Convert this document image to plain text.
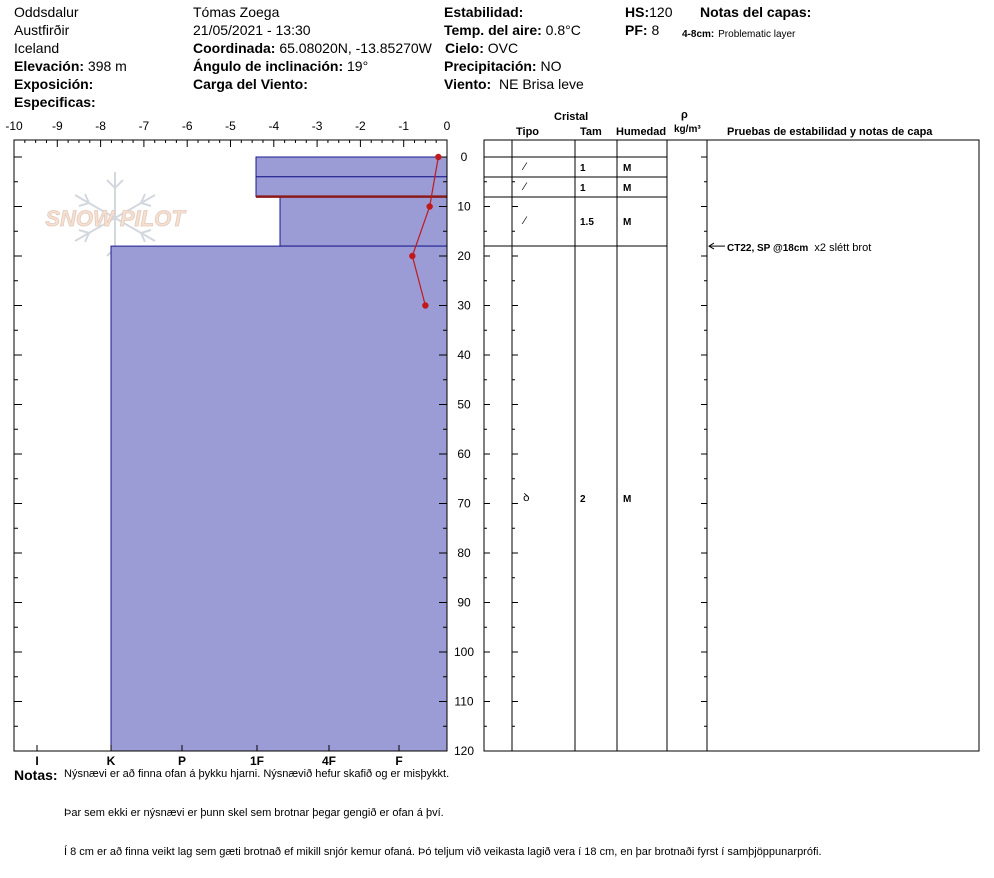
Oddsdalur
Austfirðir
Iceland
Elevación: 398 m
Exposición:
Especificas:
Tómas Zoega
21/05/2021 - 13:30
Coordinada: 65.08020N, -13.85270W
Ángulo de inclinación: 19°
Carga del Viento:
Estabilidad:
Temp. del aire: 0.8°C
Cielo: OVC
Precipitación: NO
Viento: NE Brisa leve
HS:120
PF: 8
Notas del capas:
4-8cm: Problematic layer
SNOW PILOT
-10 -9	-8	-7	-6	-5	-4	-3	-2	-1	0
0
10
20
30
40
50
60
70
80
90
100
110
120
I	K	P	1F	4F	F
Cristal
Tipo	Tam Humedad
ρ
kg/m³ Pruebas de estabilidad y notas de capa
⁄	1	M
⁄	1	M
⁄	1.5	M
ꝺ	2	M
CT22, SP @18cm x2 slétt brot
Notas: Nýsnævi er að finna ofan á þykku hjarni. Nýsnævið hefur skafið og er misþykkt.
Þar sem ekki er nýsnævi er þunn skel sem brotnar þegar gengið er ofan á því.
Í 8 cm er að finna veikt lag sem gæti brotnað ef mikill snjór kemur ofaná. Þó teljum við veikasta lagið vera í 18 cm, en þar brotnaði fyrst í samþjöppunarprófi.
